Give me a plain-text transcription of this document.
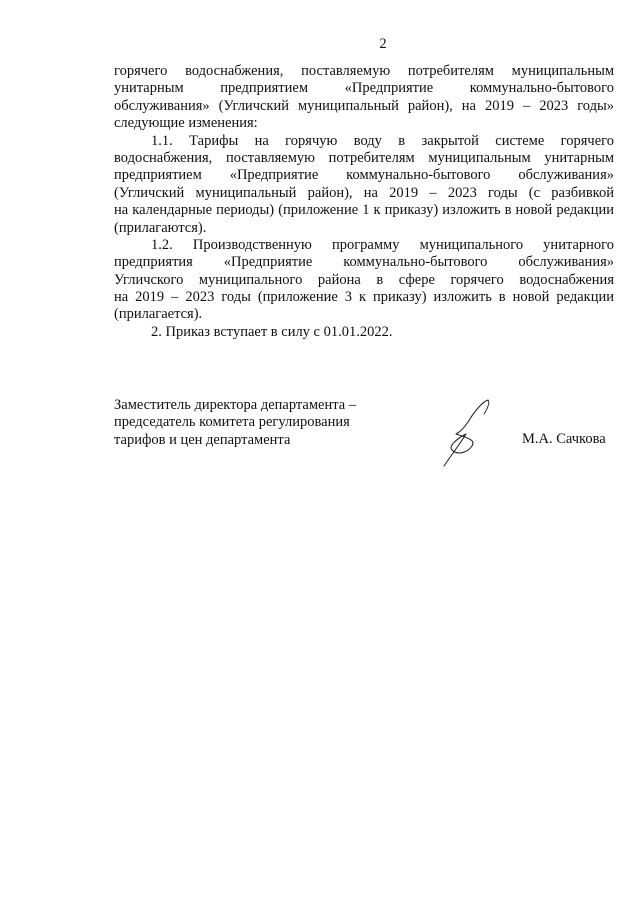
2
горячего водоснабжения, поставляемую потребителям муниципальным
унитарным предприятием «Предприятие коммунально-бытового
обслуживания» (Угличский муниципальный район), на 2019 – 2023 годы»
следующие изменения:
1.1. Тарифы на горячую воду в закрытой системе горячего
водоснабжения, поставляемую потребителям муниципальным унитарным
предприятием «Предприятие коммунально-бытового обслуживания»
(Угличский муниципальный район), на 2019 – 2023 годы (с разбивкой
на календарные периоды) (приложение 1 к приказу) изложить в новой редакции
(прилагаются).
1.2. Производственную программу муниципального унитарного
предприятия «Предприятие коммунально-бытового обслуживания»
Угличского муниципального района в сфере горячего водоснабжения
на 2019 – 2023 годы (приложение 3 к приказу) изложить в новой редакции
(прилагается).
2. Приказ вступает в силу с 01.01.2022.
Заместитель директора департамента –
председатель комитета регулирования
тарифов и цен департамента	М.А. Сачкова
